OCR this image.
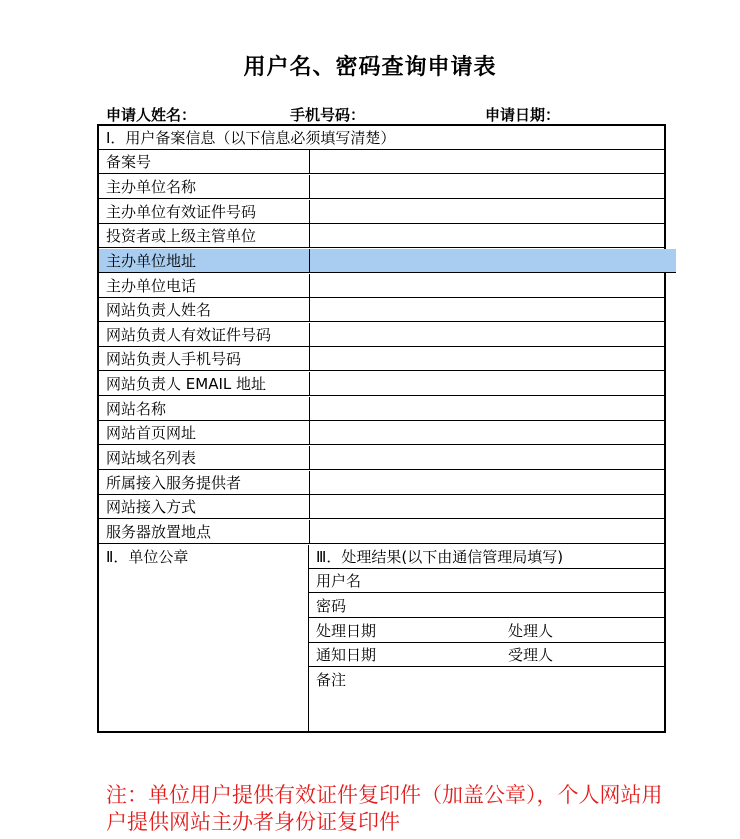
用户名、密码查询申请表
申请人姓名：	手机号码：	申请日期：
Ⅰ．用户备案信息（以下信息必须填写清楚）
备案号
主办单位名称
主办单位有效证件号码
投资者或上级主管单位
主办单位地址
主办单位电话
网站负责人姓名
网站负责人有效证件号码
网站负责人手机号码
网站负责人 EMAIL 地址
网站名称
网站首页网址
网站域名列表
所属接入服务提供者
网站接入方式
服务器放置地点
Ⅱ．单位公章	Ⅲ．处理结果(以下由通信管理局填写)
用户名
密码
处理日期	处理人
通知日期	受理人
备注
注：单位用户提供有效证件复印件（加盖公章），个人网站用户提供网站主办者身份证复印件
